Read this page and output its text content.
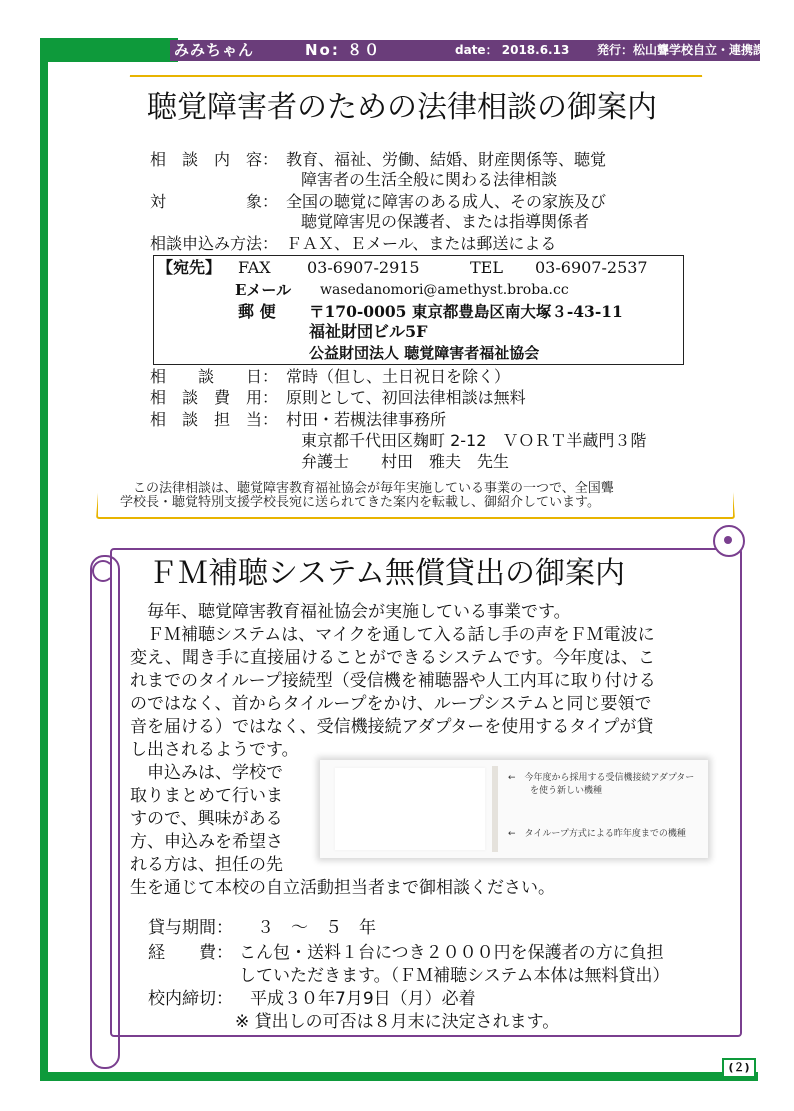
みみちゃん	No: ８０	date： 2018.6.13 発行：松山聾学校自立・連携課
聴覚障害者のための法律相談の御案内
相　談　内　容： 教育、福祉、労働、結婚、財産関係等、聴覚
障害者の生活全般に関わる法律相談
対　　　　　象： 全国の聴覚に障害のある成人、その家族及び
聴覚障害児の保護者、または指導関係者
相談申込み方法： ＦＡＸ、Ｅメール、または郵送による
【宛先】 FAX 03-6907-2915	TEL 03-6907-2537
Eメール wasedanomori@amethyst.broba.cc
郵 便 〒170-0005 東京都豊島区南大塚３-43-11
福祉財団ビル5F
公益財団法人 聴覚障害者福祉協会
相　　談　　日： 常時（但し、土日祝日を除く）
相　談　費　用： 原則として、初回法律相談は無料
相　談　担　当： 村田・若槻法律事務所
東京都千代田区麹町 2-12　ＶＯＲＴ半蔵門３階
弁護士　　村田　雅夫　先生
　この法律相談は、聴覚障害教育福祉協会が毎年実施している事業の一つで、全国聾
学校長・聴覚特別支援学校長宛に送られてきた案内を転載し、御紹介しています。
ＦＭ補聴システム無償貸出の御案内
　毎年、聴覚障害教育福祉協会が実施している事業です。
　ＦＭ補聴システムは、マイクを通して入る話し手の声をＦＭ電波に
変え、聞き手に直接届けることができるシステムです。今年度は、こ
れまでのタイループ接続型（受信機を補聴器や人工内耳に取り付ける
のではなく、首からタイループをかけ、ループシステムと同じ要領で
音を届ける）ではなく、受信機接続アダプターを使用するタイプが貸
し出されるようです。
　申込みは、学校で
取りまとめて行いま
すので、興味がある
方、申込みを希望さ
れる方は、担任の先
生を通じて本校の自立活動担当者まで御相談ください。
←　今年度から採用する受信機接続アダプター
を使う新しい機種
←　タイループ方式による昨年度までの機種
貸与期間： ３　～　５　年
経　　費： こん包・送料１台につき２０００円を保護者の方に負担
していただきます。（ＦＭ補聴システム本体は無料貸出）
校内締切： 平成３０年7月9日（月）必着
※ 貸出しの可否は８月末に決定されます。
(２)
